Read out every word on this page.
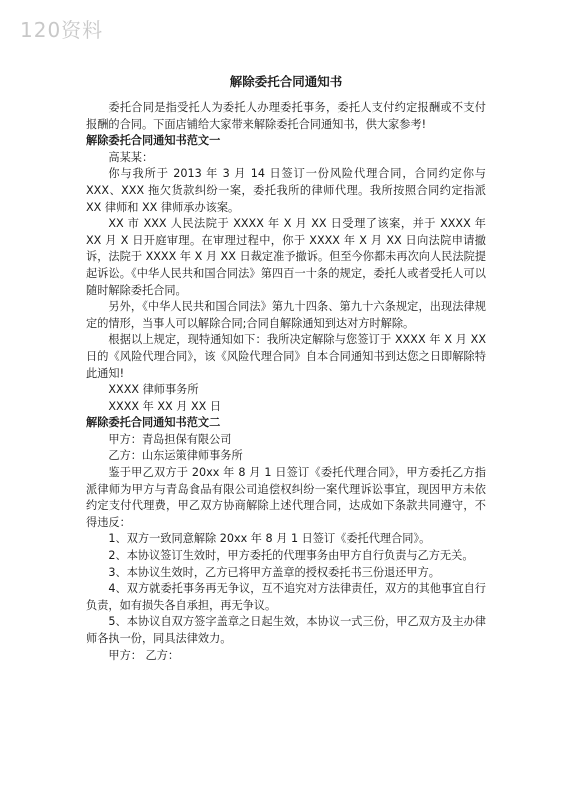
120资料
解除委托合同通知书

委托合同是指受托人为委托人办理委托事务，委托人支付约定报酬或不支付报酬的合同。下面店铺给大家带来解除委托合同通知书，供大家参考!

解除委托合同通知书范文一

高某某：

你与我所于 2013 年 3 月 14 日签订一份风险代理合同，合同约定你与 XXX、XXX 拖欠货款纠纷一案，委托我所的律师代理。我所按照合同约定指派 XX 律师和 XX 律师承办该案。

XX 市 XXX 人民法院于 XXXX 年 X 月 XX 日受理了该案，并于 XXXX 年 XX 月 X 日开庭审理。在审理过程中，你于 XXXX 年 X 月 XX 日向法院申请撤诉，法院于 XXXX 年 X 月 XX 日裁定准予撤诉。但至今你都未再次向人民法院提起诉讼。《中华人民共和国合同法》第四百一十条的规定，委托人或者受托人可以随时解除委托合同。

另外，《中华人民共和国合同法》第九十四条、第九十六条规定，出现法律规定的情形，当事人可以解除合同;合同自解除通知到达对方时解除。

根据以上规定，现特通知如下：我所决定解除与您签订于 XXXX 年 X 月 XX 日的《风险代理合同》，该《风险代理合同》自本合同通知书到达您之日即解除特此通知!

XXXX 律师事务所

XXXX 年 XX 月 XX 日

解除委托合同通知书范文二

甲方：青岛担保有限公司

乙方：山东运策律师事务所

鉴于甲乙双方于 20xx 年 8 月 1 日签订《委托代理合同》，甲方委托乙方指派律师为甲方与青岛食品有限公司追偿权纠纷一案代理诉讼事宜，现因甲方未依约定支付代理费，甲乙双方协商解除上述代理合同，达成如下条款共同遵守，不得违反：

1、双方一致同意解除 20xx 年 8 月 1 日签订《委托代理合同》。

2、本协议签订生效时，甲方委托的代理事务由甲方自行负责与乙方无关。

3、本协议生效时，乙方已将甲方盖章的授权委托书三份退还甲方。

4、双方就委托事务再无争议，互不追究对方法律责任，双方的其他事宜自行负责，如有损失各自承担，再无争议。

5、本协议自双方签字盖章之日起生效，本协议一式三份，甲乙双方及主办律师各执一份，同具法律效力。

甲方： 乙方：
